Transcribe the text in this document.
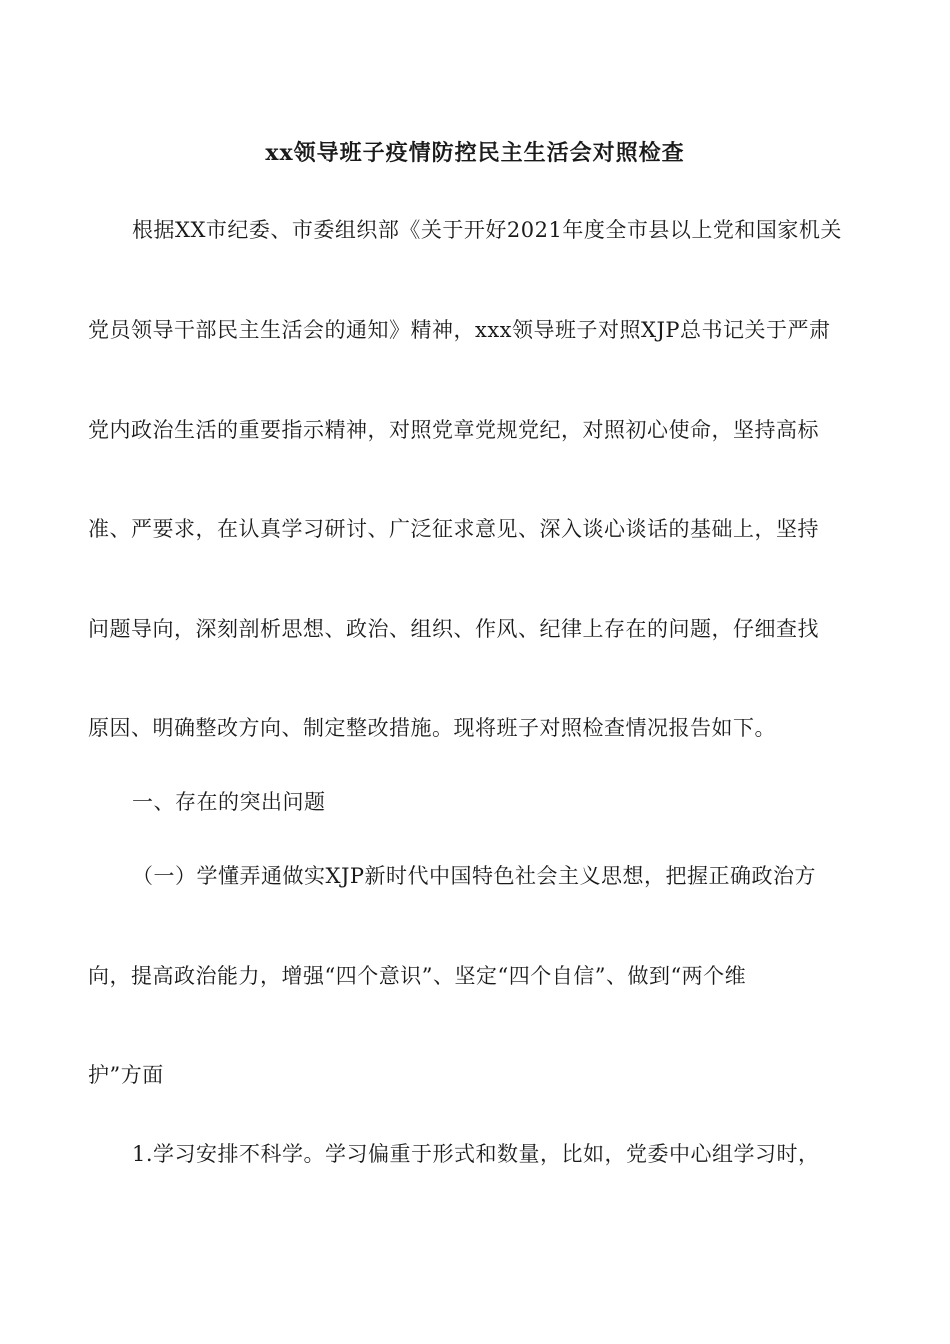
xx领导班子疫情防控民主生活会对照检查
根据XX市纪委、市委组织部《关于开好2021年度全市县以上党和国家机关
党员领导干部民主生活会的通知》精神，xxx领导班子对照XJP总书记关于严肃
党内政治生活的重要指示精神，对照党章党规党纪，对照初心使命，坚持高标
准、严要求，在认真学习研讨、广泛征求意见、深入谈心谈话的基础上，坚持
问题导向，深刻剖析思想、政治、组织、作风、纪律上存在的问题，仔细查找
原因、明确整改方向、制定整改措施。现将班子对照检查情况报告如下。
一、存在的突出问题
（一）学懂弄通做实XJP新时代中国特色社会主义思想，把握正确政治方
向，提高政治能力，增强“四个意识”、坚定“四个自信”、做到“两个维
护”方面
1.学习安排不科学。学习偏重于形式和数量，比如，党委中心组学习时，
